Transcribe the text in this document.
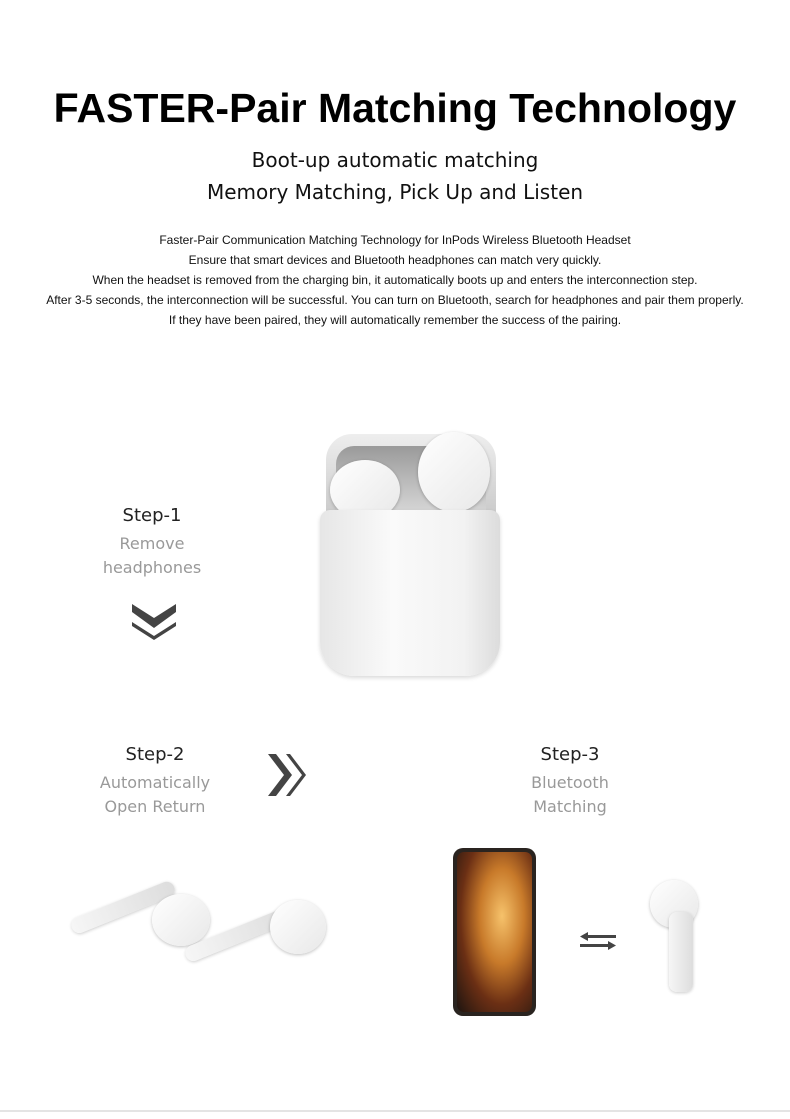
FASTER-Pair Matching Technology
Boot-up automatic matching
Memory Matching, Pick Up and Listen
Faster-Pair Communication Matching Technology for InPods Wireless Bluetooth Headset
Ensure that smart devices and Bluetooth headphones can match very quickly.
When the headset is removed from the charging bin, it automatically boots up and enters the interconnection step.
After 3-5 seconds, the interconnection will be successful. You can turn on Bluetooth, search for headphones and pair them properly.
If they have been paired, they will automatically remember the success of the pairing.
Step-1
Remove
headphones
Step-2
Automatically
Open Return
Step-3
Bluetooth
Matching
